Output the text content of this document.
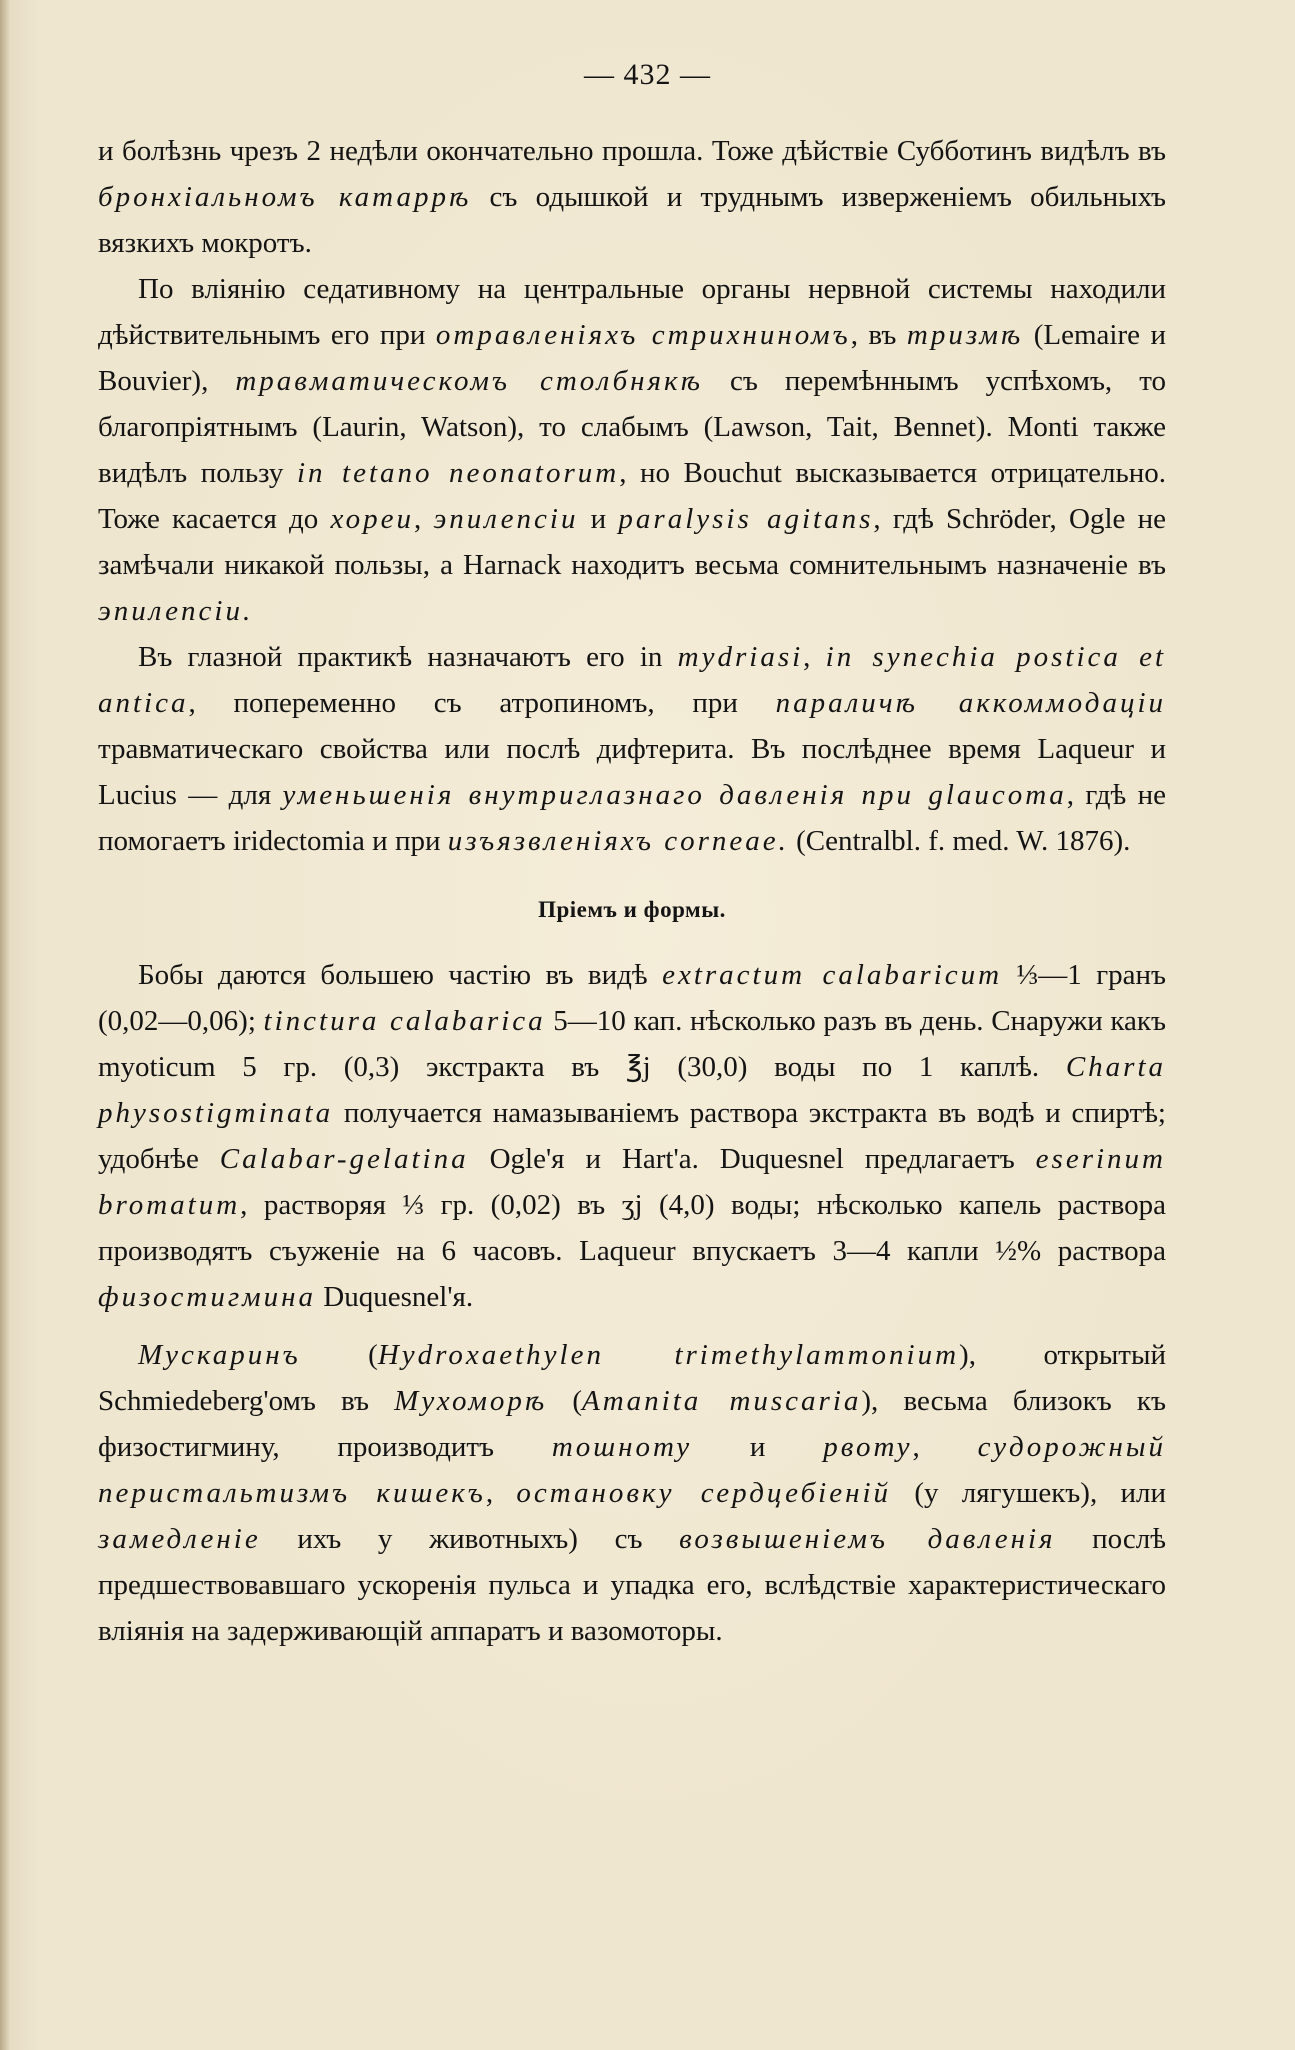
— 432 —

и болѣзнь чрезъ 2 недѣли окончательно прошла. Тоже дѣйствіе Субботинъ видѣлъ въ бронхіальномъ катаррѣ съ одышкой и труднымъ изверженіемъ обильныхъ вязкихъ мокротъ.

По вліянію седативному на центральные органы нервной системы находили дѣйствительнымъ его при отравленіяхъ стрихниномъ, въ тризмѣ (Lemaire и Bouvier), травматическомъ столбнякѣ съ перемѣннымъ успѣхомъ, то благопріятнымъ (Laurin, Watson), то слабымъ (Lawson, Tait, Bennet). Monti также видѣлъ пользу in tetano neonatorum, но Bouchut высказывается отрицательно. Тоже касается до хореи, эпилепсіи и paralysis agitans, гдѣ Schröder, Ogle не замѣчали никакой пользы, а Harnack находитъ весьма сомнительнымъ назначеніе въ эпилепсіи.

Въ глазной практикѣ назначаютъ его in mydriasi, in synechia postica et antica, попеременно съ атропиномъ, при параличѣ аккоммодаціи травматическаго свойства или послѣ дифтерита. Въ послѣднее время Laqueur и Lucius — для уменьшенія внутриглазнаго давленія при glaucoma, гдѣ не помогаетъ iridectomia и при изъязвленіяхъ corneae. (Centralbl. f. med. W. 1876).

Пріемъ и формы.

Бобы даются большею частію въ видѣ extractum calabaricum ⅓—1 гранъ (0,02—0,06); tinctura calabarica 5—10 кап. нѣсколько разъ въ день. Снаружи какъ myoticum 5 гр. (0,3) экстракта въ ℥j (30,0) воды по 1 каплѣ. Charta physostigminata получается намазываніемъ раствора экстракта въ водѣ и спиртѣ; удобнѣе Calabar-gelatina Ogle'я и Hart'a. Duquesnel предлагаетъ eserinum bromatum, растворяя ⅓ гр. (0,02) въ ʒj (4,0) воды; нѣсколько капель раствора производятъ съуженіе на 6 часовъ. Laqueur впускаетъ 3—4 капли ½% раствора физостигмина Duquesnel'я.

Мускаринъ (Hydroxaethylen trimethylammonium), открытый Schmiedeberg'омъ въ Мухоморѣ (Amanita muscaria), весьма близокъ къ физостигмину, производитъ тошноту и рвоту, судорожный перистальтизмъ кишекъ, остановку сердцебіеній (у лягушекъ), или замедленіе ихъ у животныхъ) съ возвышеніемъ давленія послѣ предшествовавшаго ускоренія пульса и упадка его, вслѣдствіе характеристическаго вліянія на задерживающій аппаратъ и вазомоторы.
